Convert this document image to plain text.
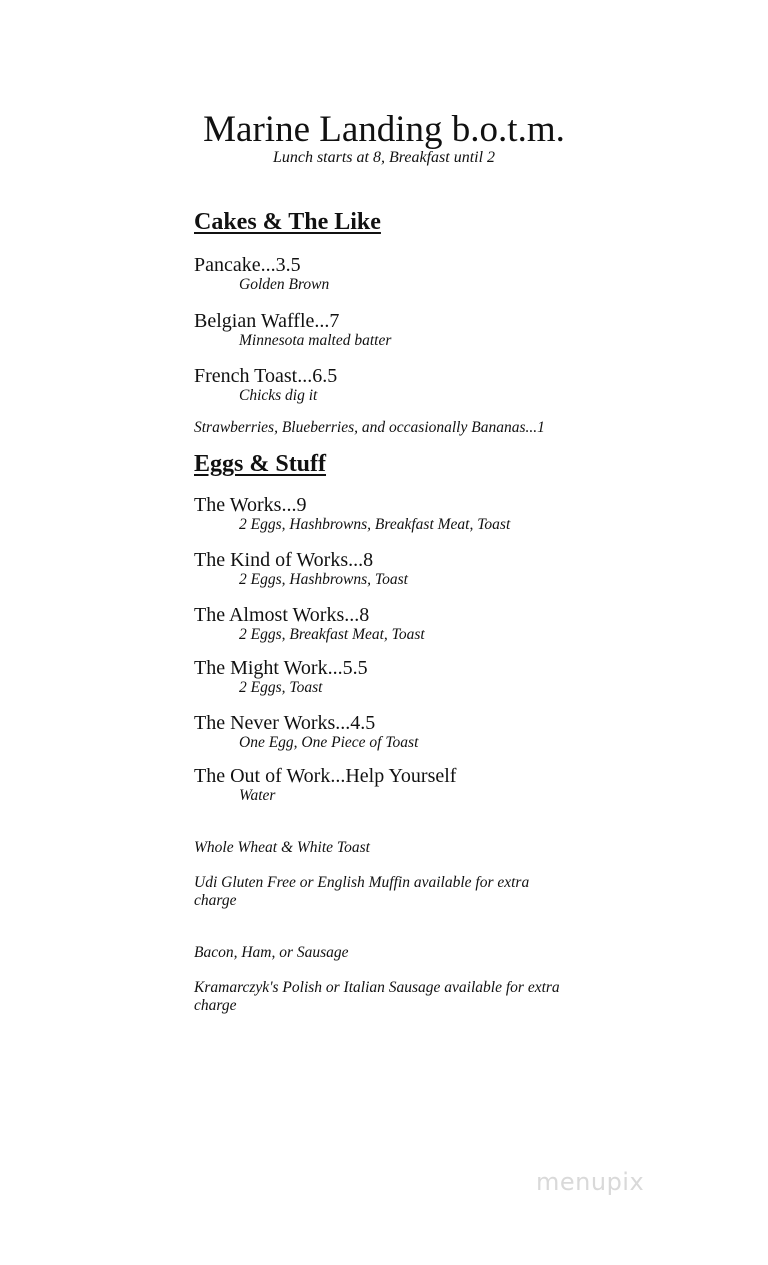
Marine Landing b.o.t.m.
Lunch starts at 8, Breakfast until 2
Cakes & The Like
Pancake...3.5
Golden Brown
Belgian Waffle...7
Minnesota malted batter
French Toast...6.5
Chicks dig it
Strawberries, Blueberries, and occasionally Bananas...1
Eggs & Stuff
The Works...9
2 Eggs, Hashbrowns, Breakfast Meat, Toast
The Kind of Works...8
2 Eggs, Hashbrowns, Toast
The Almost Works...8
2 Eggs, Breakfast Meat, Toast
The Might Work...5.5
2 Eggs, Toast
The Never Works...4.5
One Egg, One Piece of Toast
The Out of Work...Help Yourself
Water
Whole Wheat & White Toast
Udi Gluten Free or English Muffin available for extra charge
Bacon, Ham, or Sausage
Kramarczyk's Polish or Italian Sausage available for extra charge
menupix
